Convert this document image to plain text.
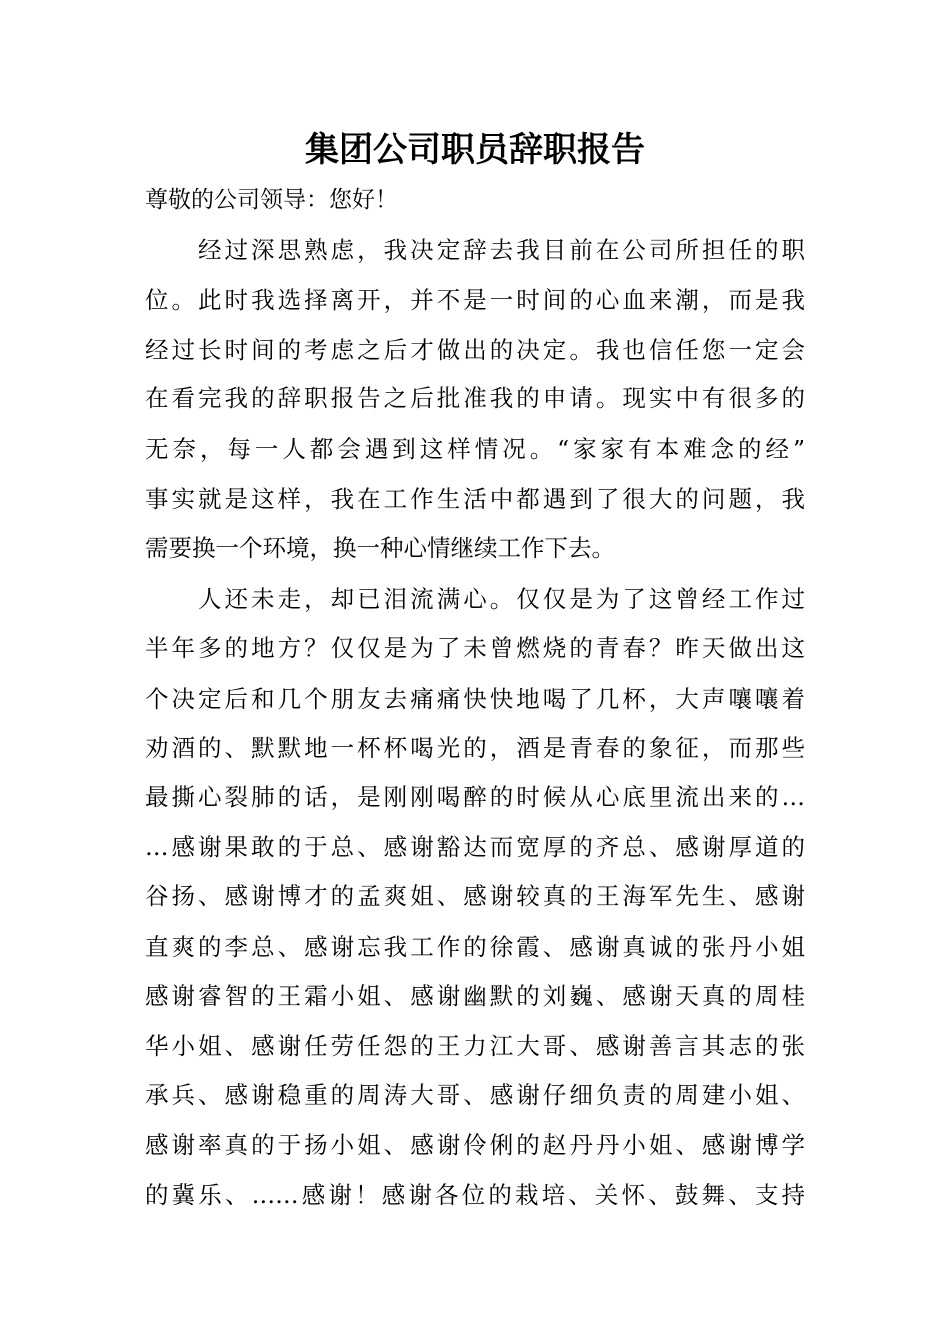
集团公司职员辞职报告
尊敬的公司领导：您好！
经过深思熟虑，我决定辞去我目前在公司所担任的职
位。此时我选择离开，并不是一时间的心血来潮，而是我
经过长时间的考虑之后才做出的决定。我也信任您一定会
在看完我的辞职报告之后批准我的申请。现实中有很多的
无奈，每一人都会遇到这样情况。“家家有本难念的经”
事实就是这样，我在工作生活中都遇到了很大的问题，我
需要换一个环境，换一种心情继续工作下去。
人还未走，却已泪流满心。仅仅是为了这曾经工作过
半年多的地方？仅仅是为了未曾燃烧的青春？昨天做出这
个决定后和几个朋友去痛痛快快地喝了几杯，大声嚷嚷着
劝酒的、默默地一杯杯喝光的，酒是青春的象征，而那些
最撕心裂肺的话，是刚刚喝醉的时候从心底里流出来的…
…感谢果敢的于总、感谢豁达而宽厚的齐总、感谢厚道的
谷扬、感谢博才的孟爽姐、感谢较真的王海军先生、感谢
直爽的李总、感谢忘我工作的徐霞、感谢真诚的张丹小姐
感谢睿智的王霜小姐、感谢幽默的刘巍、感谢天真的周桂
华小姐、感谢任劳任怨的王力江大哥、感谢善言其志的张
承兵、感谢稳重的周涛大哥、感谢仔细负责的周建小姐、
感谢率真的于扬小姐、感谢伶俐的赵丹丹小姐、感谢博学
的冀乐、……感谢！感谢各位的栽培、关怀、鼓舞、支持
